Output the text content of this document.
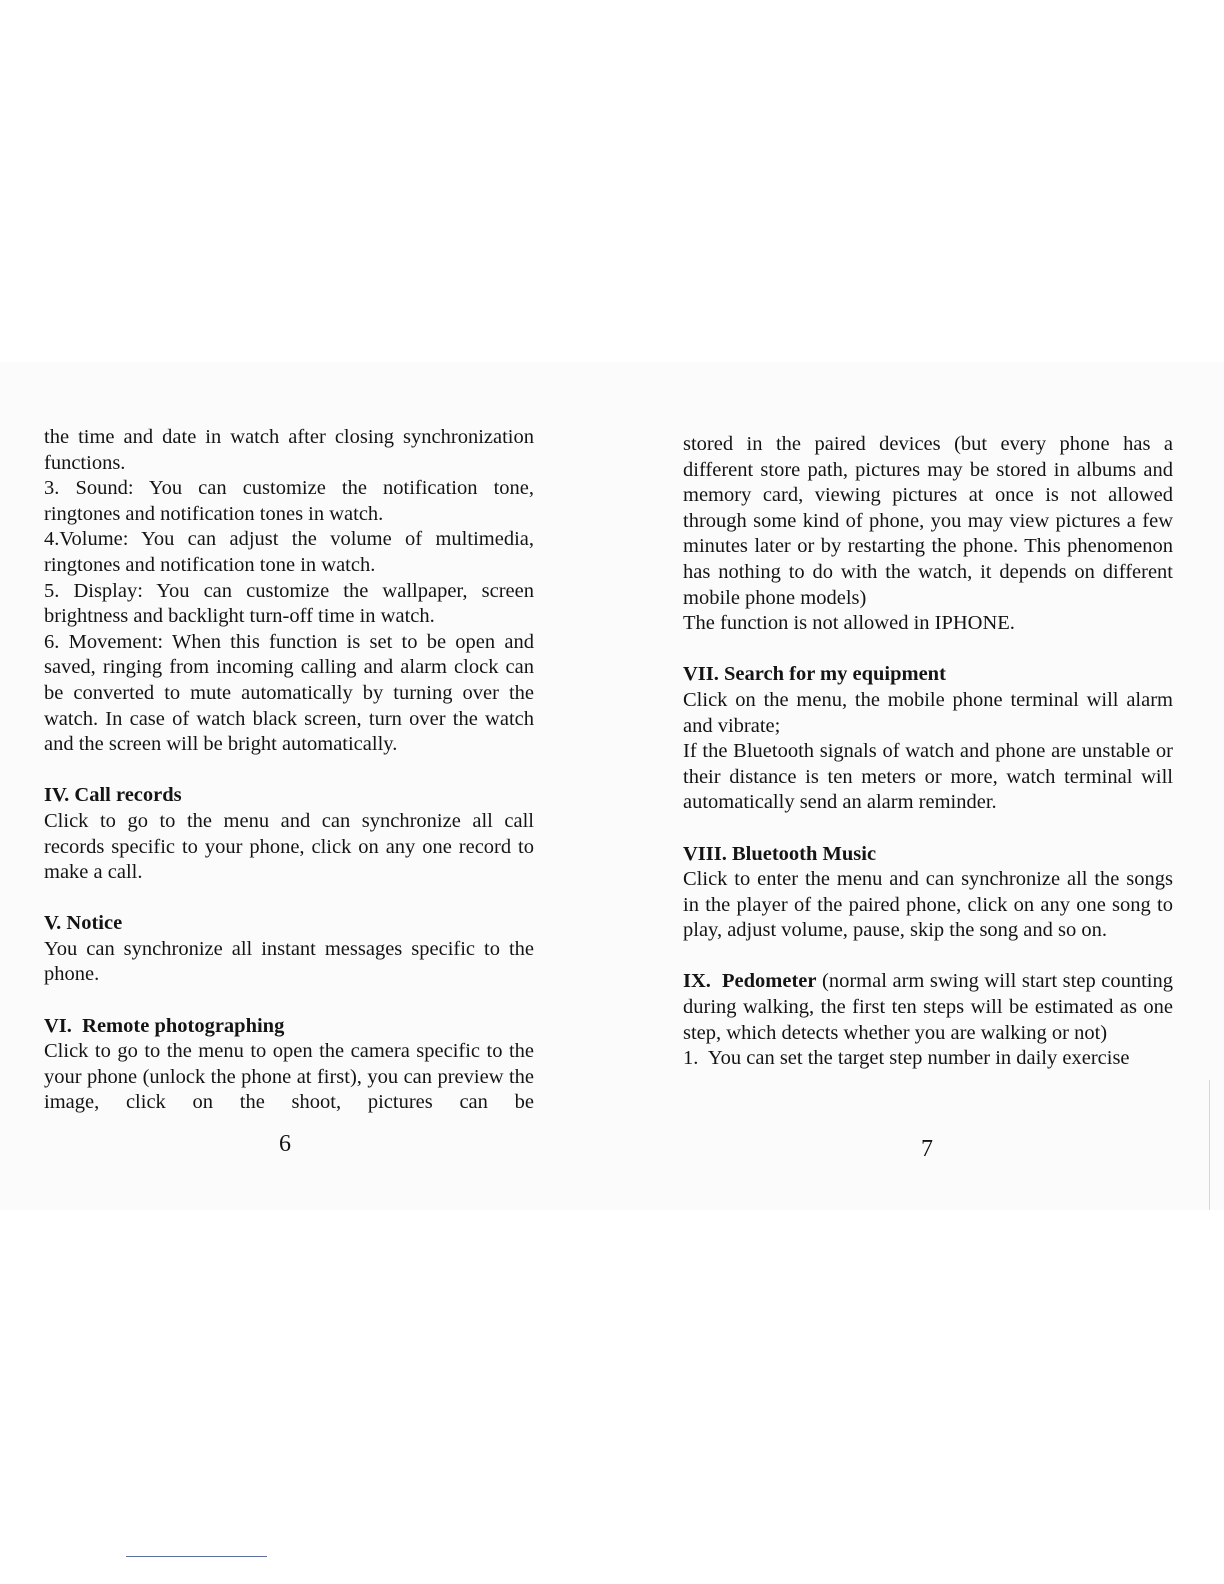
the time and date in watch after closing synchronization functions.

3. Sound: You can customize the notification tone, ringtones and notification tones in watch.

4.Volume: You can adjust the volume of multimedia, ringtones and notification tone in watch.

5. Display: You can customize the wallpaper, screen brightness and backlight turn-off time in watch.

6. Movement: When this function is set to be open and saved, ringing from incoming calling and alarm clock can be converted to mute automatically by turning over the watch. In case of watch black screen, turn over the watch and the screen will be bright automatically.

IV. Call records

Click to go to the menu and can synchronize all call records specific to your phone, click on any one record to make a call.

V. Notice

You can synchronize all instant messages specific to the phone.

VI.  Remote photographing

Click to go to the menu to open the camera specific to the your phone (unlock the phone at first), you can preview the image, click on the shoot, pictures can be

6

stored in the paired devices (but every phone has a different store path, pictures may be stored in albums and memory card, viewing pictures at once is not allowed through some kind of phone, you may view pictures a few minutes later or by restarting the phone. This phenomenon has nothing to do with the watch, it depends on different mobile phone models)

The function is not allowed in IPHONE.

VII. Search for my equipment

Click on the menu, the mobile phone terminal will alarm and vibrate;

If the Bluetooth signals of watch and phone are unstable or their distance is ten meters or more, watch terminal will automatically send an alarm reminder.

VIII. Bluetooth Music

Click to enter the menu and can synchronize all the songs in the player of the paired phone, click on any one song to play, adjust volume, pause, skip the song and so on.

IX.  Pedometer (normal arm swing will start step counting during walking, the first ten steps will be estimated as one step, which detects whether you are walking or not)

1.  You can set the target step number in daily exercise

7
